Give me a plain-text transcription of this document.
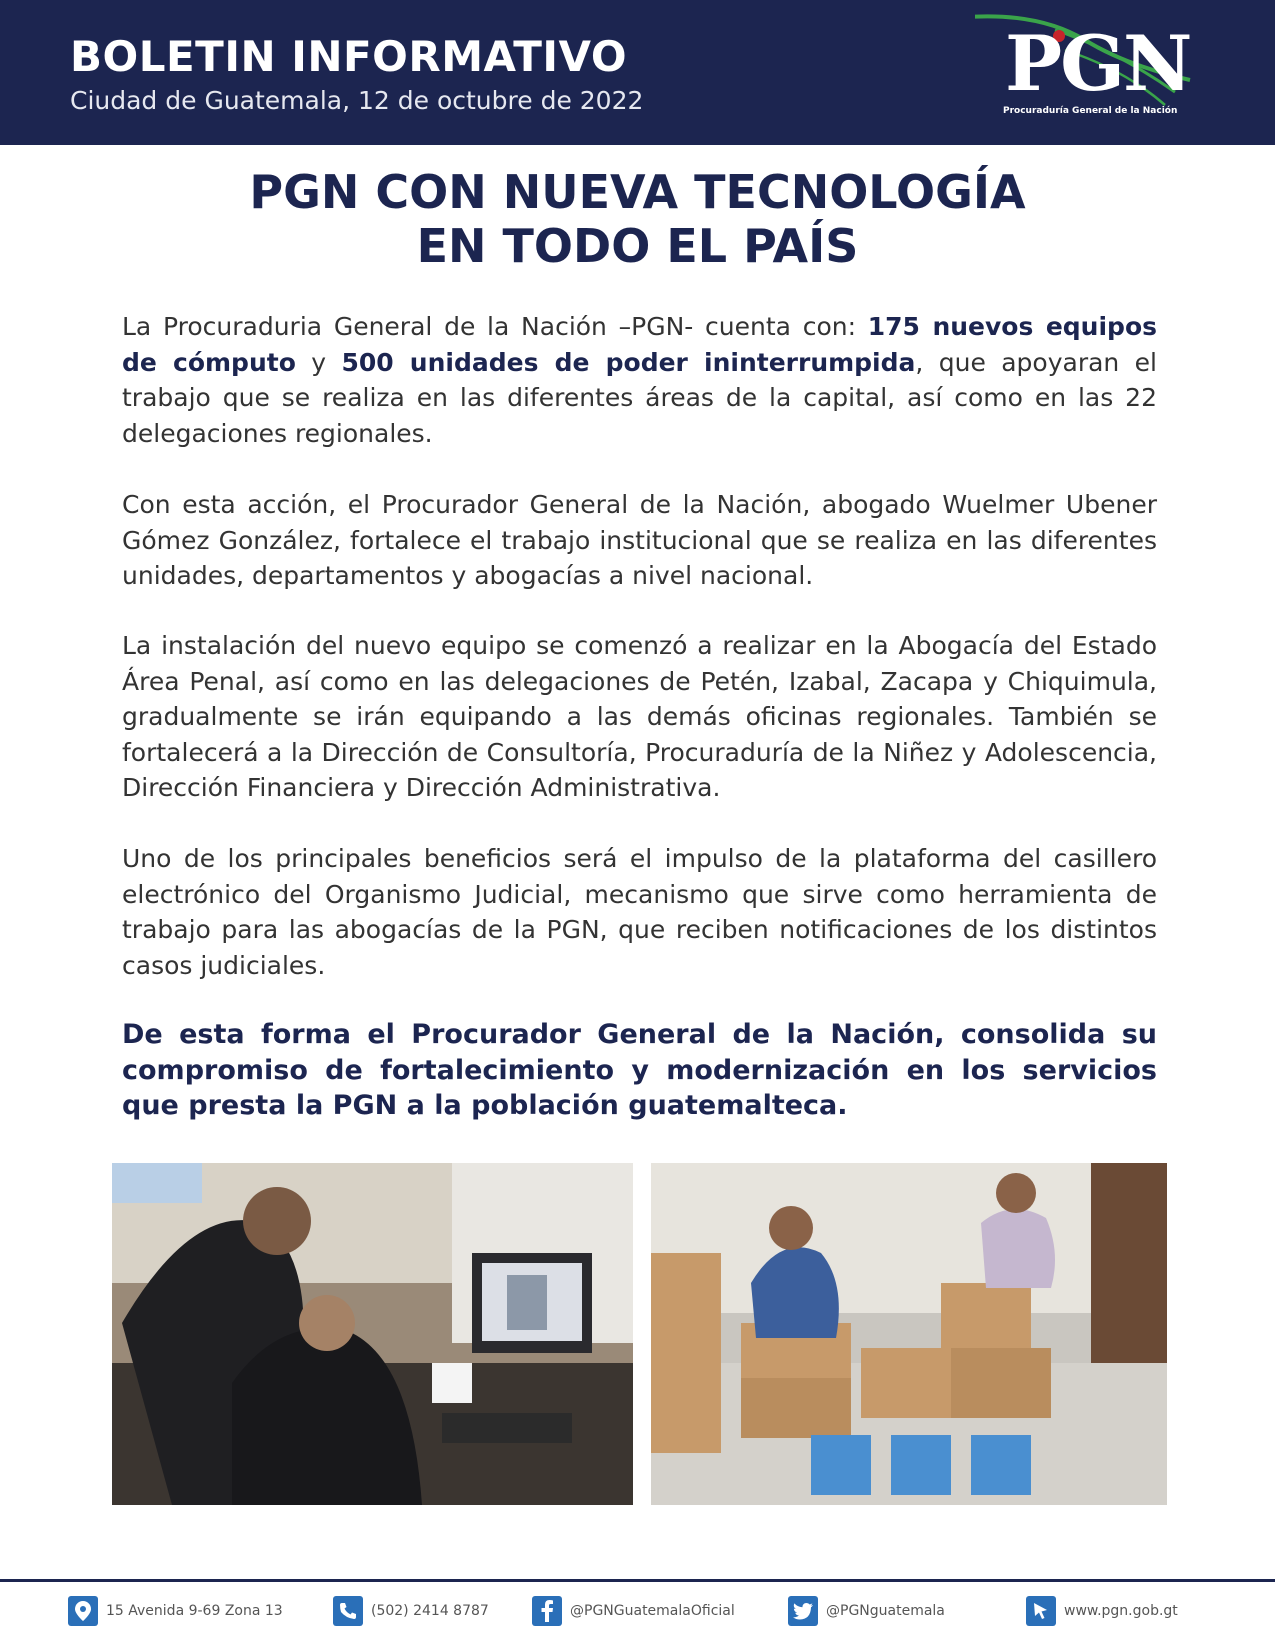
BOLETIN INFORMATIVO
Ciudad de Guatemala, 12 de octubre de 2022	PGN
Procuraduría General de la Nación
PGN CON NUEVA TECNOLOGÍA
EN TODO EL PAÍS
La Procuraduria General de la Nación –PGN- cuenta con: 175 nuevos equipos de cómputo y 500 unidades de poder ininterrumpida, que apoyaran el trabajo que se realiza en las diferentes áreas de la capital, así como en las 22 delegaciones regionales.
Con esta acción, el Procurador General de la Nación, abogado Wuelmer Ubener Gómez González, fortalece el trabajo institucional que se realiza en las diferentes unidades, departamentos y abogacías a nivel nacional.
La instalación del nuevo equipo se comenzó a realizar en la Abogacía del Estado Área Penal, así como en las delegaciones de Petén, Izabal, Zacapa y Chiquimula, gradualmente se irán equipando a las demás oficinas regionales. También se fortalecerá a la Dirección de Consultoría, Procuraduría de la Niñez y Adolescencia, Dirección Financiera y Dirección Administrativa.
Uno de los principales beneficios será el impulso de la plataforma del casillero electrónico del Organismo Judicial, mecanismo que sirve como herramienta de trabajo para las abogacías de la PGN, que reciben notificaciones de los distintos casos judiciales.
De esta forma el Procurador General de la Nación, consolida su compromiso de fortalecimiento y modernización en los servicios que presta la PGN a la población guatemalteca.
15 Avenida 9-69 Zona 13	(502) 2414 8787	@PGNGuatemalaOficial	@PGNguatemala	www.pgn.gob.gt
